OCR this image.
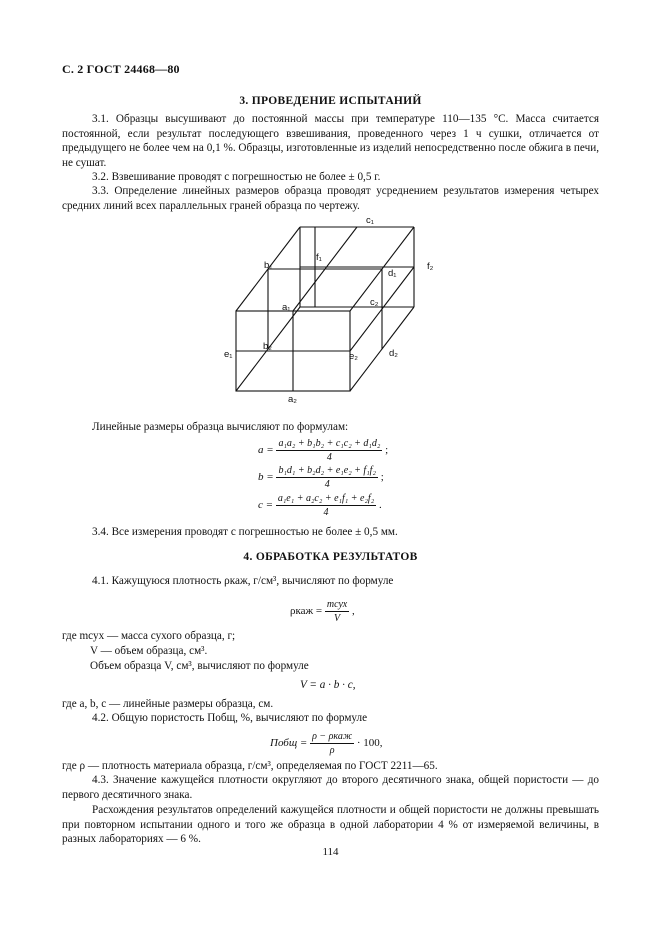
С. 2 ГОСТ 24468—80
3. ПРОВЕДЕНИЕ ИСПЫТАНИЙ
3.1. Образцы высушивают до постоянной массы при температуре 110—135 °С. Масса считается постоянной, если результат последующего взвешивания, проведенного через 1 ч сушки, отличается от предыдущего не более чем на 0,1 %. Образцы, изготовленные из изделий непосредственно после обжига в печи, не сушат.
3.2. Взвешивание проводят с погрешностью не более ± 0,5 г.
3.3. Определение линейных размеров образца проводят усреднением результатов измерения четырех средних линий всех параллельных граней образца по чертежу.
c₁
b₁
f₁
d₁
f₂
a₁	c₂
b₂
e₁	e₂	d₂
a₂
Линейные размеры образца вычисляют по формулам:
$a = \frac{\text{a₁a₂ + b₁b₂ + c₁c₂ + d₁d₂}}{4}$ ;
$b = \frac{\text{b₁d₁ + b₂d₂ + e₁e₂ + f₁f₂}}{4}$ ;
$c = \frac{\text{a₁e₁ + a₂c₂ + e₁f₁ + e₂f₂}}{4}$ .
3.4. Все измерения проводят с погрешностью не более ± 0,5 мм.
4. ОБРАБОТКА РЕЗУЛЬТАТОВ
4.1. Кажущуюся плотность ρкаж, г/см³, вычисляют по формуле
$\rho каж = \frac{\text{mсух}}{V}$ ,
где mсух — масса сухого образца, г;
V — объем образца, см³.
Объем образца V, см³, вычисляют по формуле
V = a · b · c,
где a, b, c — линейные размеры образца, см.
4.2. Общую пористость Побщ, %, вычисляют по формуле
Побщ = $\frac{\text{ρ − ρкаж}}{\rho} \cdot 100$,
где ρ — плотность материала образца, г/см³, определяемая по ГОСТ 2211—65.
4.3. Значение кажущейся плотности округляют до второго десятичного знака, общей пористости — до первого десятичного знака.
Расхождения результатов определений кажущейся плотности и общей пористости не должны превышать при повторном испытании одного и того же образца в одной лаборатории 4 % от измеряемой величины, в разных лабораториях — 6 %.
114
